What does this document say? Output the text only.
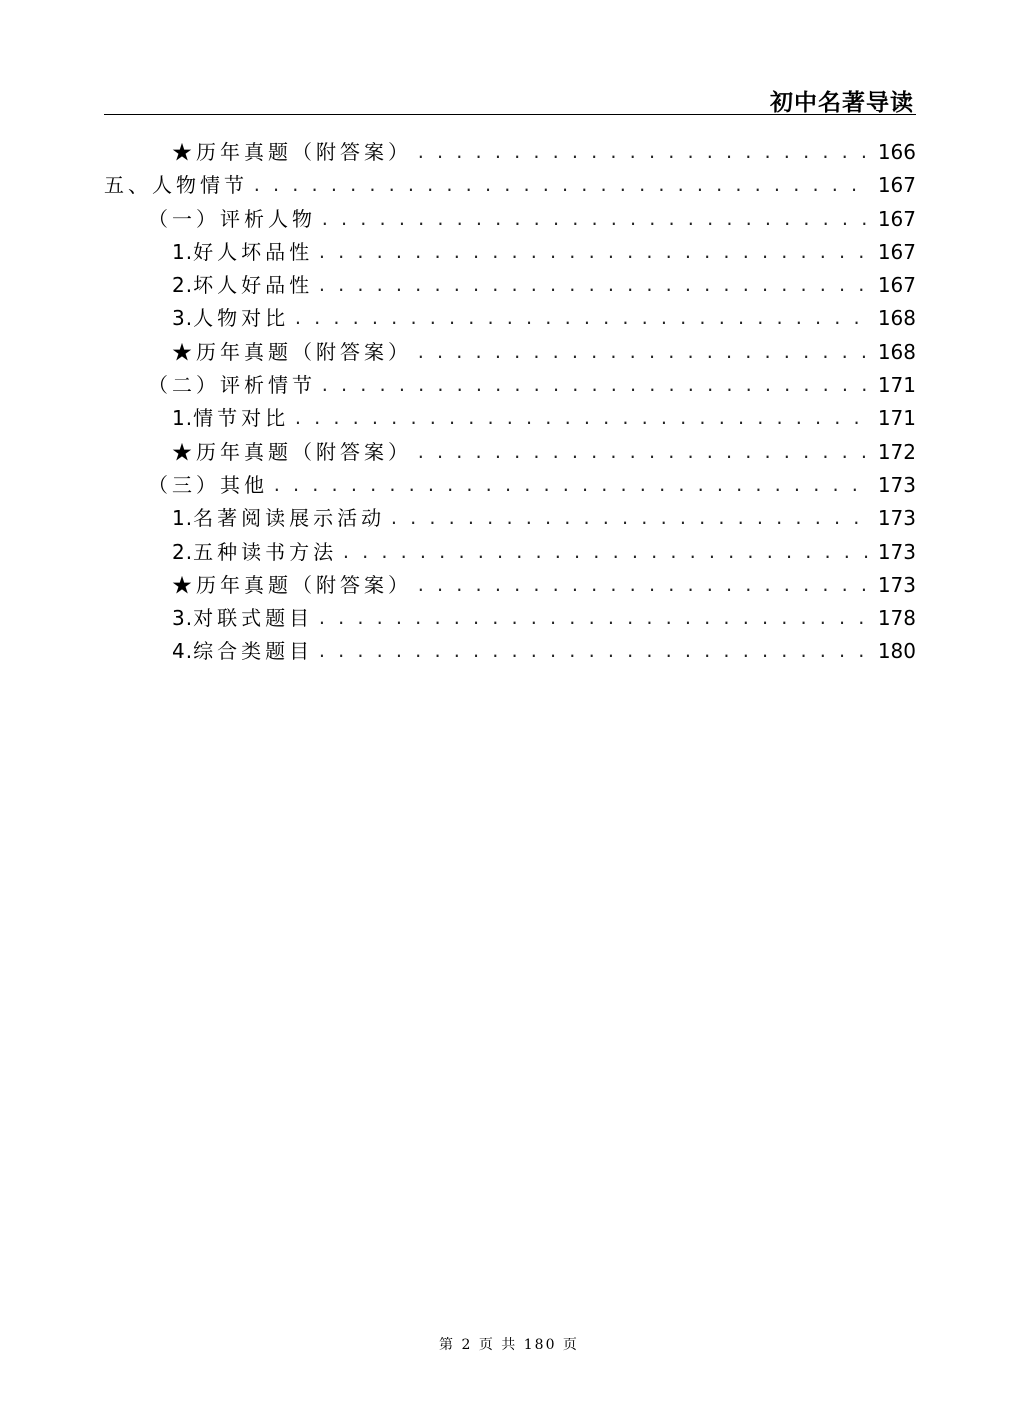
初中名著导读
★历年真题（附答案） . . .	166
五、人物情节 . . .	167
（一）评析人物 . . .	167
1.好人坏品性 . . .	167
2.坏人好品性 . . .	167
3.人物对比 . . .	168
★历年真题（附答案） . . .	168
（二）评析情节 . . .	171
1.情节对比 . . .	171
★历年真题（附答案） . . .	172
（三）其他 . . .	173
1.名著阅读展示活动 . . .	173
2.五种读书方法 . . .	173
★历年真题（附答案） . . .	173
3.对联式题目 . . .	178
4.综合类题目 . . .	180
第 2 页 共 180 页
